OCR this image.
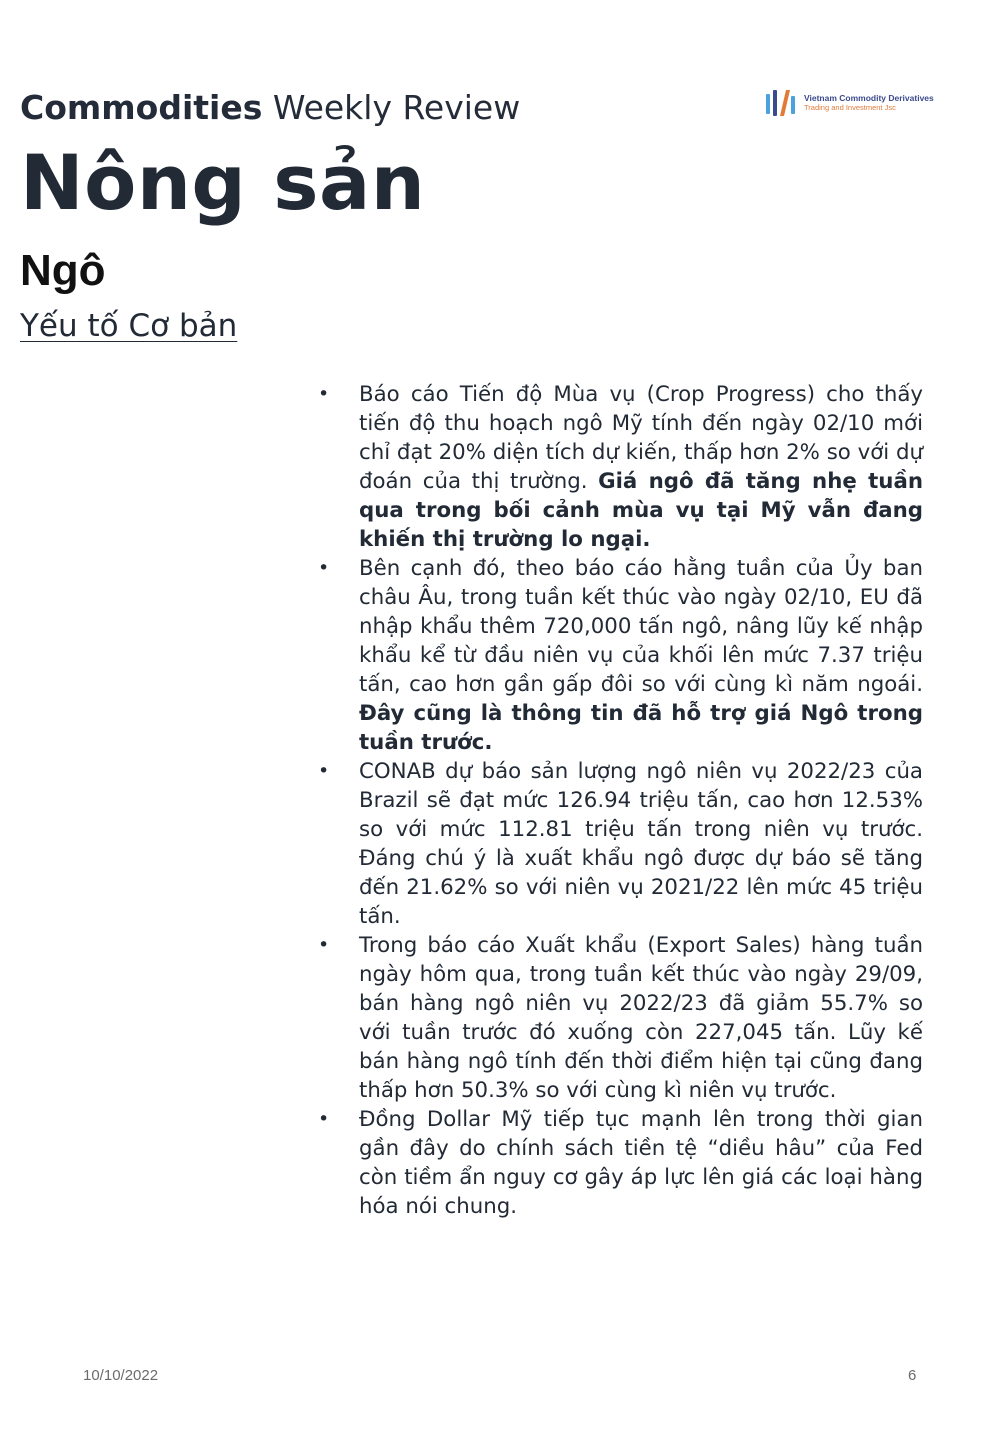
Commodities Weekly Review	Vietnam Commodity Derivatives
Trading and Investment Jsc
Nông sản
Ngô
Yếu tố Cơ bản
• Báo cáo Tiến độ Mùa vụ (Crop Progress) cho thấy tiến độ thu hoạch ngô Mỹ tính đến ngày 02/10 mới chỉ đạt 20% diện tích dự kiến, thấp hơn 2% so với dự đoán của thị trường. Giá ngô đã tăng nhẹ tuần qua trong bối cảnh mùa vụ tại Mỹ vẫn đang khiến thị trường lo ngại.
• Bên cạnh đó, theo báo cáo hằng tuần của Ủy ban châu Âu, trong tuần kết thúc vào ngày 02/10, EU đã nhập khẩu thêm 720,000 tấn ngô, nâng lũy kế nhập khẩu kể từ đầu niên vụ của khối lên mức 7.37 triệu tấn, cao hơn gần gấp đôi so với cùng kì năm ngoái. Đây cũng là thông tin đã hỗ trợ giá Ngô trong tuần trước.
• CONAB dự báo sản lượng ngô niên vụ 2022/23 của Brazil sẽ đạt mức 126.94 triệu tấn, cao hơn 12.53% so với mức 112.81 triệu tấn trong niên vụ trước. Đáng chú ý là xuất khẩu ngô được dự báo sẽ tăng đến 21.62% so với niên vụ 2021/22 lên mức 45 triệu tấn.
• Trong báo cáo Xuất khẩu (Export Sales) hàng tuần ngày hôm qua, trong tuần kết thúc vào ngày 29/09, bán hàng ngô niên vụ 2022/23 đã giảm 55.7% so với tuần trước đó xuống còn 227,045 tấn. Lũy kế bán hàng ngô tính đến thời điểm hiện tại cũng đang thấp hơn 50.3% so với cùng kì niên vụ trước.
• Đồng Dollar Mỹ tiếp tục mạnh lên trong thời gian gần đây do chính sách tiền tệ “diều hâu” của Fed còn tiềm ẩn nguy cơ gây áp lực lên giá các loại hàng hóa nói chung.
10/10/2022	6
